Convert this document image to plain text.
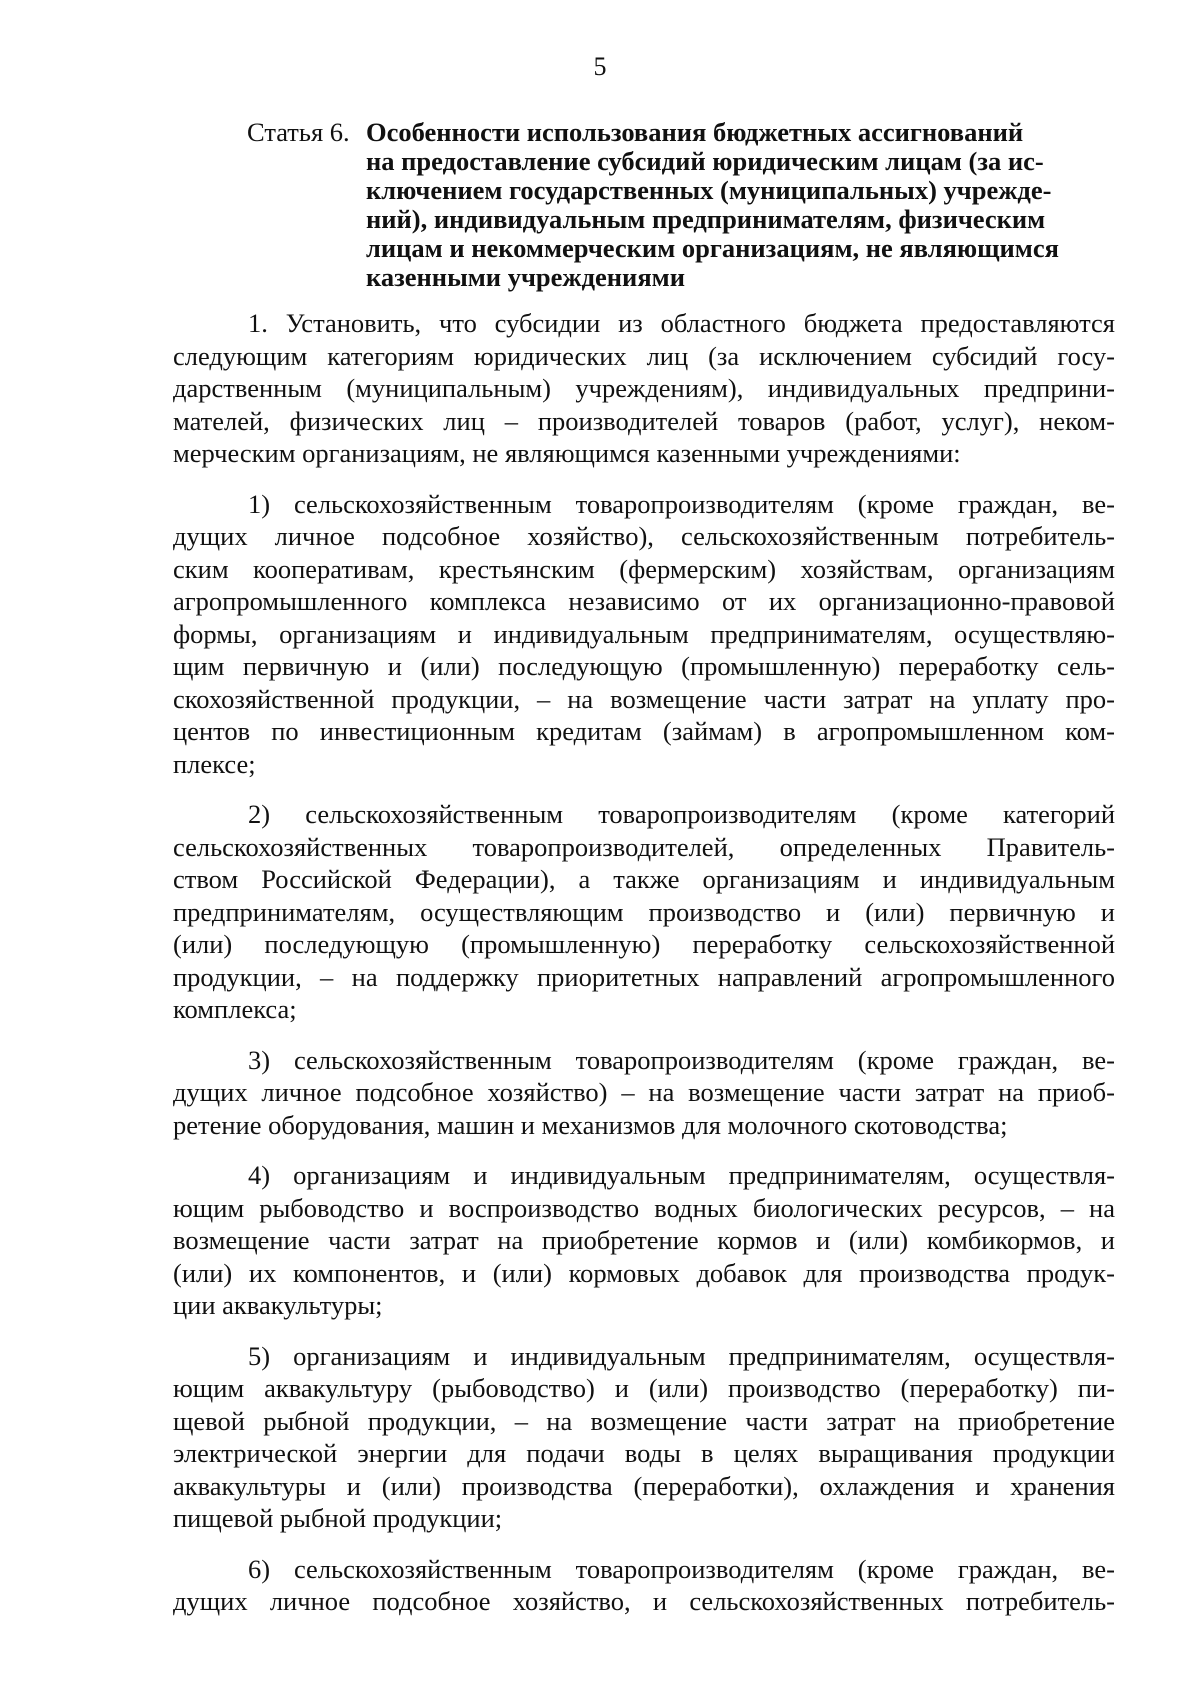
5
Статья 6. Особенности использования бюджетных ассигнований
на предоставление субсидий юридическим лицам (за ис-
ключением государственных (муниципальных) учрежде-
ний), индивидуальным предпринимателям, физическим
лицам и некоммерческим организациям, не являющимся
казенными учреждениями
1. Установить, что субсидии из областного бюджета предоставляются
следующим категориям юридических лиц (за исключением субсидий госу-
дарственным (муниципальным) учреждениям), индивидуальных предприни-
мателей, физических лиц – производителей товаров (работ, услуг), неком-
мерческим организациям, не являющимся казенными учреждениями:
1) сельскохозяйственным товаропроизводителям (кроме граждан, ве-
дущих личное подсобное хозяйство), сельскохозяйственным потребитель-
ским кооперативам, крестьянским (фермерским) хозяйствам, организациям
агропромышленного комплекса независимо от их организационно-правовой
формы, организациям и индивидуальным предпринимателям, осуществляю-
щим первичную и (или) последующую (промышленную) переработку сель-
скохозяйственной продукции, – на возмещение части затрат на уплату про-
центов по инвестиционным кредитам (займам) в агропромышленном ком-
плексе;
2) сельскохозяйственным товаропроизводителям (кроме категорий
сельскохозяйственных товаропроизводителей, определенных Правитель-
ством Российской Федерации), а также организациям и индивидуальным
предпринимателям, осуществляющим производство и (или) первичную и
(или) последующую (промышленную) переработку сельскохозяйственной
продукции, – на поддержку приоритетных направлений агропромышленного
комплекса;
3) сельскохозяйственным товаропроизводителям (кроме граждан, ве-
дущих личное подсобное хозяйство) – на возмещение части затрат на приоб-
ретение оборудования, машин и механизмов для молочного скотоводства;
4) организациям и индивидуальным предпринимателям, осуществля-
ющим рыбоводство и воспроизводство водных биологических ресурсов, – на
возмещение части затрат на приобретение кормов и (или) комбикормов, и
(или) их компонентов, и (или) кормовых добавок для производства продук-
ции аквакультуры;
5) организациям и индивидуальным предпринимателям, осуществля-
ющим аквакультуру (рыбоводство) и (или) производство (переработку) пи-
щевой рыбной продукции, – на возмещение части затрат на приобретение
электрической энергии для подачи воды в целях выращивания продукции
аквакультуры и (или) производства (переработки), охлаждения и хранения
пищевой рыбной продукции;
6) сельскохозяйственным товаропроизводителям (кроме граждан, ве-
дущих личное подсобное хозяйство, и сельскохозяйственных потребитель-
